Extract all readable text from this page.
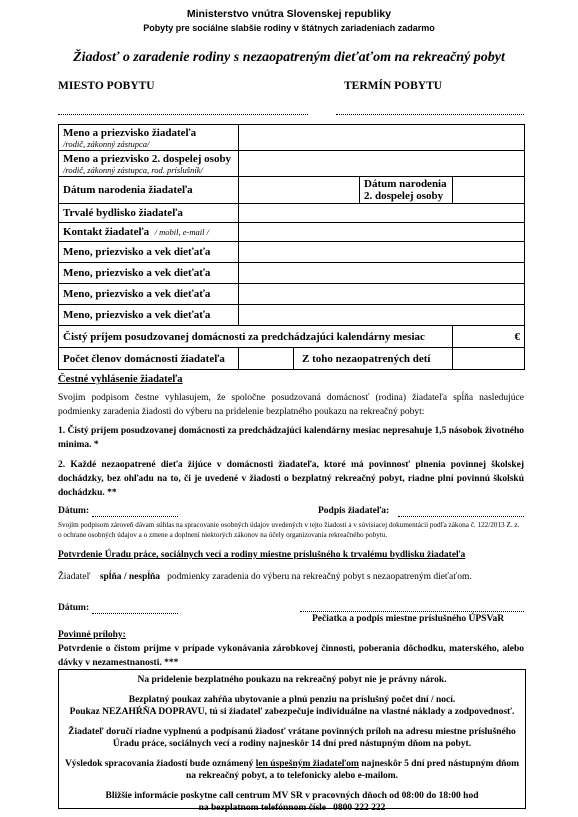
Ministerstvo vnútra Slovenskej republiky
Pobyty pre sociálne slabšie rodiny v štátnych zariadeniach zadarmo
Žiadosť o zaradenie rodiny s nezaopatreným dieťaťom na rekreačný pobyt
MIESTO POBYTU	TERMÍN POBYTU
Meno a priezvisko žiadateľa
/rodič, zákonný zástupca/				

Meno a priezvisko 2. dospelej osoby
/rodič, zákonný zástupca, rod. príslušník/				

Dátum narodenia žiadateľa			Dátum narodenia 2. dospelej osoby	
Trvalé bydlisko žiadateľa				
Kontakt žiadateľa / mobil, e-mail /				
Meno, priezvisko a vek dieťaťa				
Meno, priezvisko a vek dieťaťa				
Meno, priezvisko a vek dieťaťa				
Meno, priezvisko a vek dieťaťa				
Čistý príjem posudzovanej domácnosti za predchádzajúci kalendárny mesiac				€
Počet členov domácnosti žiadateľa		Z toho nezaopatrených detí		
Čestné vyhlásenie žiadateľa
Svojim podpisom čestne vyhlasujem, že spoločne posudzovaná domácnosť (rodina) žiadateľa spĺňa nasledujúce podmienky zaradenia žiadosti do výberu na pridelenie bezplatného poukazu na rekreačný pobyt:
1. Čistý príjem posudzovanej domácnosti za predchádzajúci kalendárny mesiac nepresahuje 1,5 násobok životného minima. *
2. Každé nezaopatrené dieťa žijúce v domácnosti žiadateľa, ktoré má povinnosť plnenia povinnej školskej dochádzky, bez ohľadu na to, či je uvedené v žiadosti o bezplatný rekreačný pobyt, riadne plní povinnú školskú dochádzku. **
Dátum:	Podpis žiadateľa:
Svojím podpisom zároveň dávam súhlas na spracovanie osobných údajov uvedených v tejto žiadosti a v súvisiacej dokumentácii podľa zákona č. 122/2013 Z. z. o ochrane osobných údajov a o zmene a doplnení niektorých zákonov na účely organizovania rekreačného pobytu.
Potvrdenie Úradu práce, sociálnych vecí a rodiny miestne príslušného k trvalému bydlisku žiadateľa
Žiadateľ spĺňa / nespĺňa podmienky zaradenia do výberu na rekreačný pobyt s nezaopatreným dieťaťom.
Dátum:
Pečiatka a podpis miestne príslušného ÚPSVaR
Povinné prílohy:
Potvrdenie o čistom príjme v prípade vykonávania zárobkovej činnosti, poberania dôchodku, materského, alebo dávky v nezamestnanosti. ***

Na pridelenie bezplatného poukazu na rekreačný pobyt nie je právny nárok.

Bezplatný poukaz zahŕňa ubytovanie a plnú penziu na príslušný počet dní / nocí.

Poukaz NEZAHŔŇA DOPRAVU, tú si žiadateľ zabezpečuje individuálne na vlastné náklady a zodpovednosť.

Žiadateľ doručí riadne vyplnenú a podpísanú žiadosť vrátane povinných príloh na adresu miestne príslušného Úradu práce, sociálnych vecí a rodiny najneskôr 14 dní pred nástupným dňom na pobyt.

Výsledok spracovania žiadostí bude oznámený len úspešným žiadateľom najneskôr 5 dní pred nástupným dňom na rekreačný pobyt, a to telefonicky alebo e-mailom.

Bližšie informácie poskytne call centrum MV SR v pracovných dňoch od 08:00 do 18:00 hod

na bezplatnom telefónnom čísle 0800 222 222
